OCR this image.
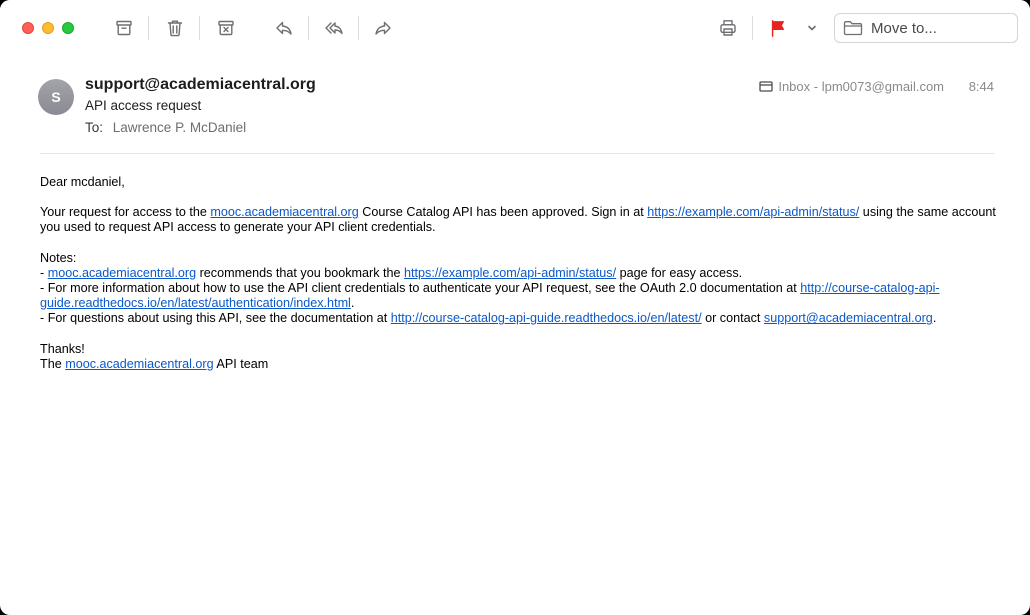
Move to...
S
support@academiacentral.org
API access request
To: Lawrence P. McDaniel
Inbox - lpm0073@gmail.com 8:44

Dear mcdaniel,

Your request for access to the mooc.academiacentral.org Course Catalog API has been approved. Sign in at https://example.com/api-admin/status/ using the same account you used to request API access to generate your API client credentials.

Notes:
- mooc.academiacentral.org recommends that you bookmark the https://example.com/api-admin/status/ page for easy access.
- For more information about how to use the API client credentials to authenticate your API request, see the OAuth 2.0 documentation at http://course-catalog-api-guide.readthedocs.io/en/latest/authentication/index.html.
- For questions about using this API, see the documentation at http://course-catalog-api-guide.readthedocs.io/en/latest/ or contact support@academiacentral.org.

Thanks!
The mooc.academiacentral.org API team
